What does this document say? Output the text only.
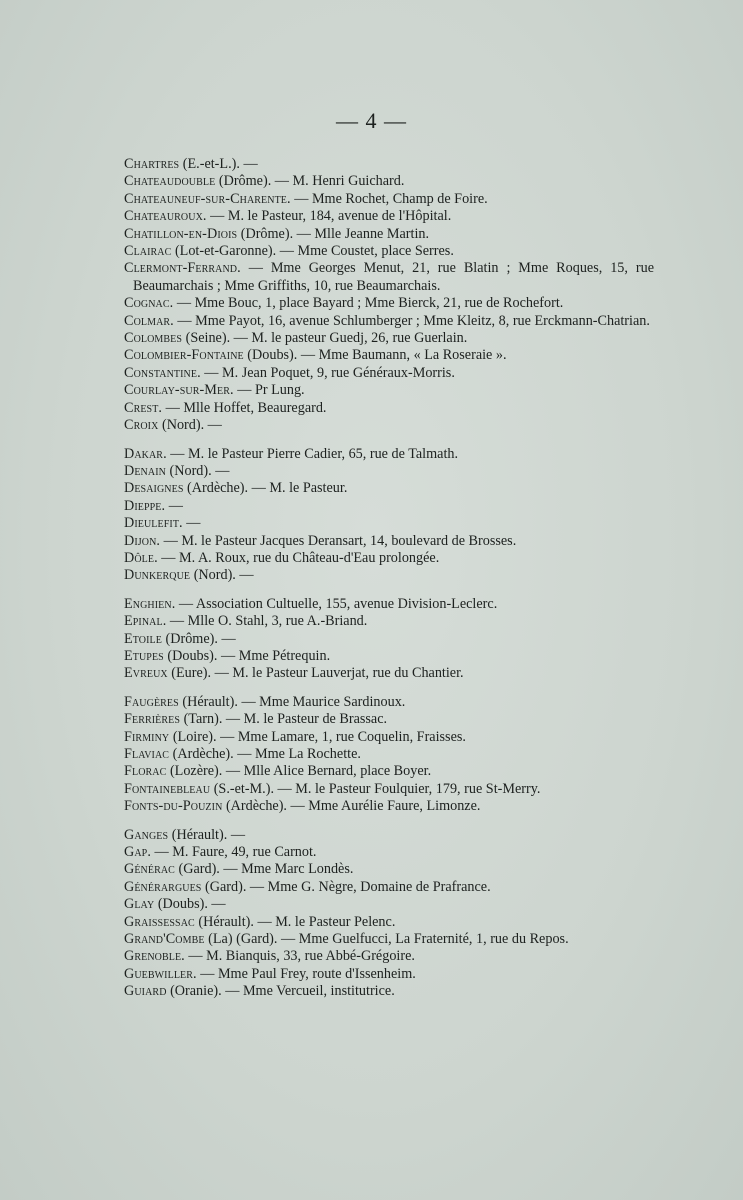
— 4 —
Chartres (E.-et-L.). —
Chateaudouble (Drôme). — M. Henri Guichard.
Chateauneuf-sur-Charente. — Mme Rochet, Champ de Foire.
Chateauroux. — M. le Pasteur, 184, avenue de l'Hôpital.
Chatillon-en-Diois (Drôme). — Mlle Jeanne Martin.
Clairac (Lot-et-Garonne). — Mme Coustet, place Serres.
Clermont-Ferrand. — Mme Georges Menut, 21, rue Blatin ; Mme Roques, 15, rue Beaumarchais ; Mme Griffiths, 10, rue Beaumarchais.
Cognac. — Mme Bouc, 1, place Bayard ; Mme Bierck, 21, rue de Rochefort.
Colmar. — Mme Payot, 16, avenue Schlumberger ; Mme Kleitz, 8, rue Erckmann-Chatrian.
Colombes (Seine). — M. le pasteur Guedj, 26, rue Guerlain.
Colombier-Fontaine (Doubs). — Mme Baumann, « La Roseraie ».
Constantine. — M. Jean Poquet, 9, rue Généraux-Morris.
Courlay-sur-Mer. — Pr Lung.
Crest. — Mlle Hoffet, Beauregard.
Croix (Nord). —
Dakar. — M. le Pasteur Pierre Cadier, 65, rue de Talmath.
Denain (Nord). —
Desaignes (Ardèche). — M. le Pasteur.
Dieppe. —
Dieulefit. —
Dijon. — M. le Pasteur Jacques Deransart, 14, boulevard de Brosses.
Dôle. — M. A. Roux, rue du Château-d'Eau prolongée.
Dunkerque (Nord). —
Enghien. — Association Cultuelle, 155, avenue Division-Leclerc.
Epinal. — Mlle O. Stahl, 3, rue A.-Briand.
Etoile (Drôme). —
Etupes (Doubs). — Mme Pétrequin.
Evreux (Eure). — M. le Pasteur Lauverjat, rue du Chantier.
Faugères (Hérault). — Mme Maurice Sardinoux.
Ferrières (Tarn). — M. le Pasteur de Brassac.
Firminy (Loire). — Mme Lamare, 1, rue Coquelin, Fraisses.
Flaviac (Ardèche). — Mme La Rochette.
Florac (Lozère). — Mlle Alice Bernard, place Boyer.
Fontainebleau (S.-et-M.). — M. le Pasteur Foulquier, 179, rue St-Merry.
Fonts-du-Pouzin (Ardèche). — Mme Aurélie Faure, Limonze.
Ganges (Hérault). —
Gap. — M. Faure, 49, rue Carnot.
Générac (Gard). — Mme Marc Londès.
Générargues (Gard). — Mme G. Nègre, Domaine de Prafrance.
Glay (Doubs). —
Graissessac (Hérault). — M. le Pasteur Pelenc.
Grand'Combe (La) (Gard). — Mme Guelfucci, La Fraternité, 1, rue du Repos.
Grenoble. — M. Bianquis, 33, rue Abbé-Grégoire.
Guebwiller. — Mme Paul Frey, route d'Issenheim.
Guiard (Oranie). — Mme Vercueil, institutrice.
